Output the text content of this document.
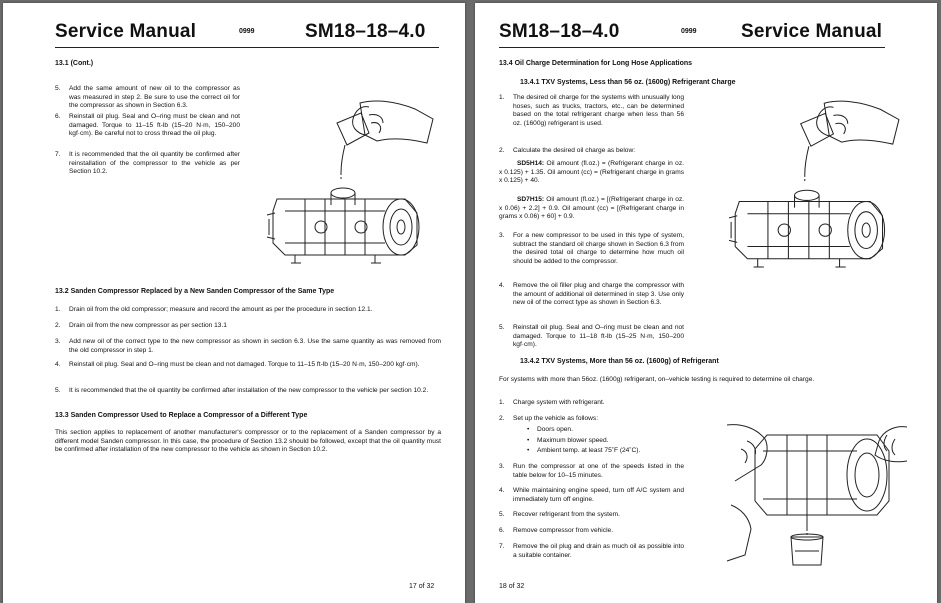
Service Manual	0999	SM18–18–4.0
13.1 (Cont.)
5. Add the same amount of new oil to the compressor as was measured in step 2. Be sure to use the correct oil for the compressor as shown in Section 6.3.
6. Reinstall oil plug. Seal and O–ring must be clean and not damaged. Torque to 11–15 ft-lb (15–20 N·m, 150–200 kgf·cm). Be careful not to cross thread the oil plug.
7. It is recommended that the oil quantity be confirmed after reinstallation of the compressor to the vehicle as per Section 10.2.
13.2 Sanden Compressor Replaced by a New Sanden Compressor of the Same Type
1. Drain oil from the old compressor; measure and record the amount as per the procedure in section 12.1.
2. Drain oil from the new compressor as per section 13.1
3. Add new oil of the correct type to the new compressor as shown in section 6.3. Use the same quantity as was removed from the old compressor in step 1.
4. Reinstall oil plug. Seal and O–ring must be clean and not damaged. Torque to 11–15 ft-lb (15–20 N·m, 150–200 kgf·cm).
5. It is recommended that the oil quantity be confirmed after installation of the new compressor to the vehicle per section 10.2.
13.3 Sanden Compressor Used to Replace a Compressor of a Different Type
This section applies to replacement of another manufacturer's compressor or to the replacement of a Sanden compressor by a different model Sanden compressor. In this case, the procedure of Section 13.2 should be followed, except that the oil quantity must be confirmed after installation of the new compressor to the vehicle as shown in Section 10.2.
17 of 32
SM18–18–4.0	0999 Service Manual
13.4 Oil Charge Determination for Long Hose Applications
13.4.1 TXV Systems, Less than 56 oz. (1600g) Refrigerant Charge
1. The desired oil charge for the systems with unusually long hoses, such as trucks, tractors, etc., can be determined based on the total refrigerant charge when less than 56 oz. (1600g) refrigerant is used.
2. Calculate the desired oil charge as below:
SD5H14: Oil amount (fl.oz.) = (Refrigerant charge in oz. x 0.125) + 1.35. Oil amount (cc) = (Refrigerant charge in grams x 0.125) + 40.
SD7H15: Oil amount (fl.oz.) = [(Refrigerant charge in oz. x 0.06) + 2.2] + 0.9. Oil amount (cc) = [(Refrigerant charge in grams x 0.06) + 60] + 0.9.
3. For a new compressor to be used in this type of system, subtract the standard oil charge shown in Section 6.3 from the desired total oil charge to determine how much oil should be added to the compressor.
4. Remove the oil filler plug and charge the compressor with the amount of additional oil determined in step 3. Use only new oil of the correct type as shown in Section 6.3.
5. Reinstall oil plug. Seal and O–ring must be clean and not damaged. Torque to 11–18 ft-lb (15–25 N·m, 150–200 kgf·cm).
13.4.2 TXV Systems, More than 56 oz. (1600g) of Refrigerant
For systems with more than 56oz. (1600g) refrigerant, on–vehicle testing is required to determine oil charge.
1. Charge system with refrigerant.
2. Set up the vehicle as follows:
• Doors open.
• Maximum blower speed.
• Ambient temp. at least 75˚F (24˚C).
3. Run the compressor at one of the speeds listed in the table below for 10–15 minutes.
4. While maintaining engine speed, turn off A/C system and immediately turn off engine.
5. Recover refrigerant from the system.
6. Remove compressor from vehicle.
7. Remove the oil plug and drain as much oil as possible into a suitable container.
18 of 32
